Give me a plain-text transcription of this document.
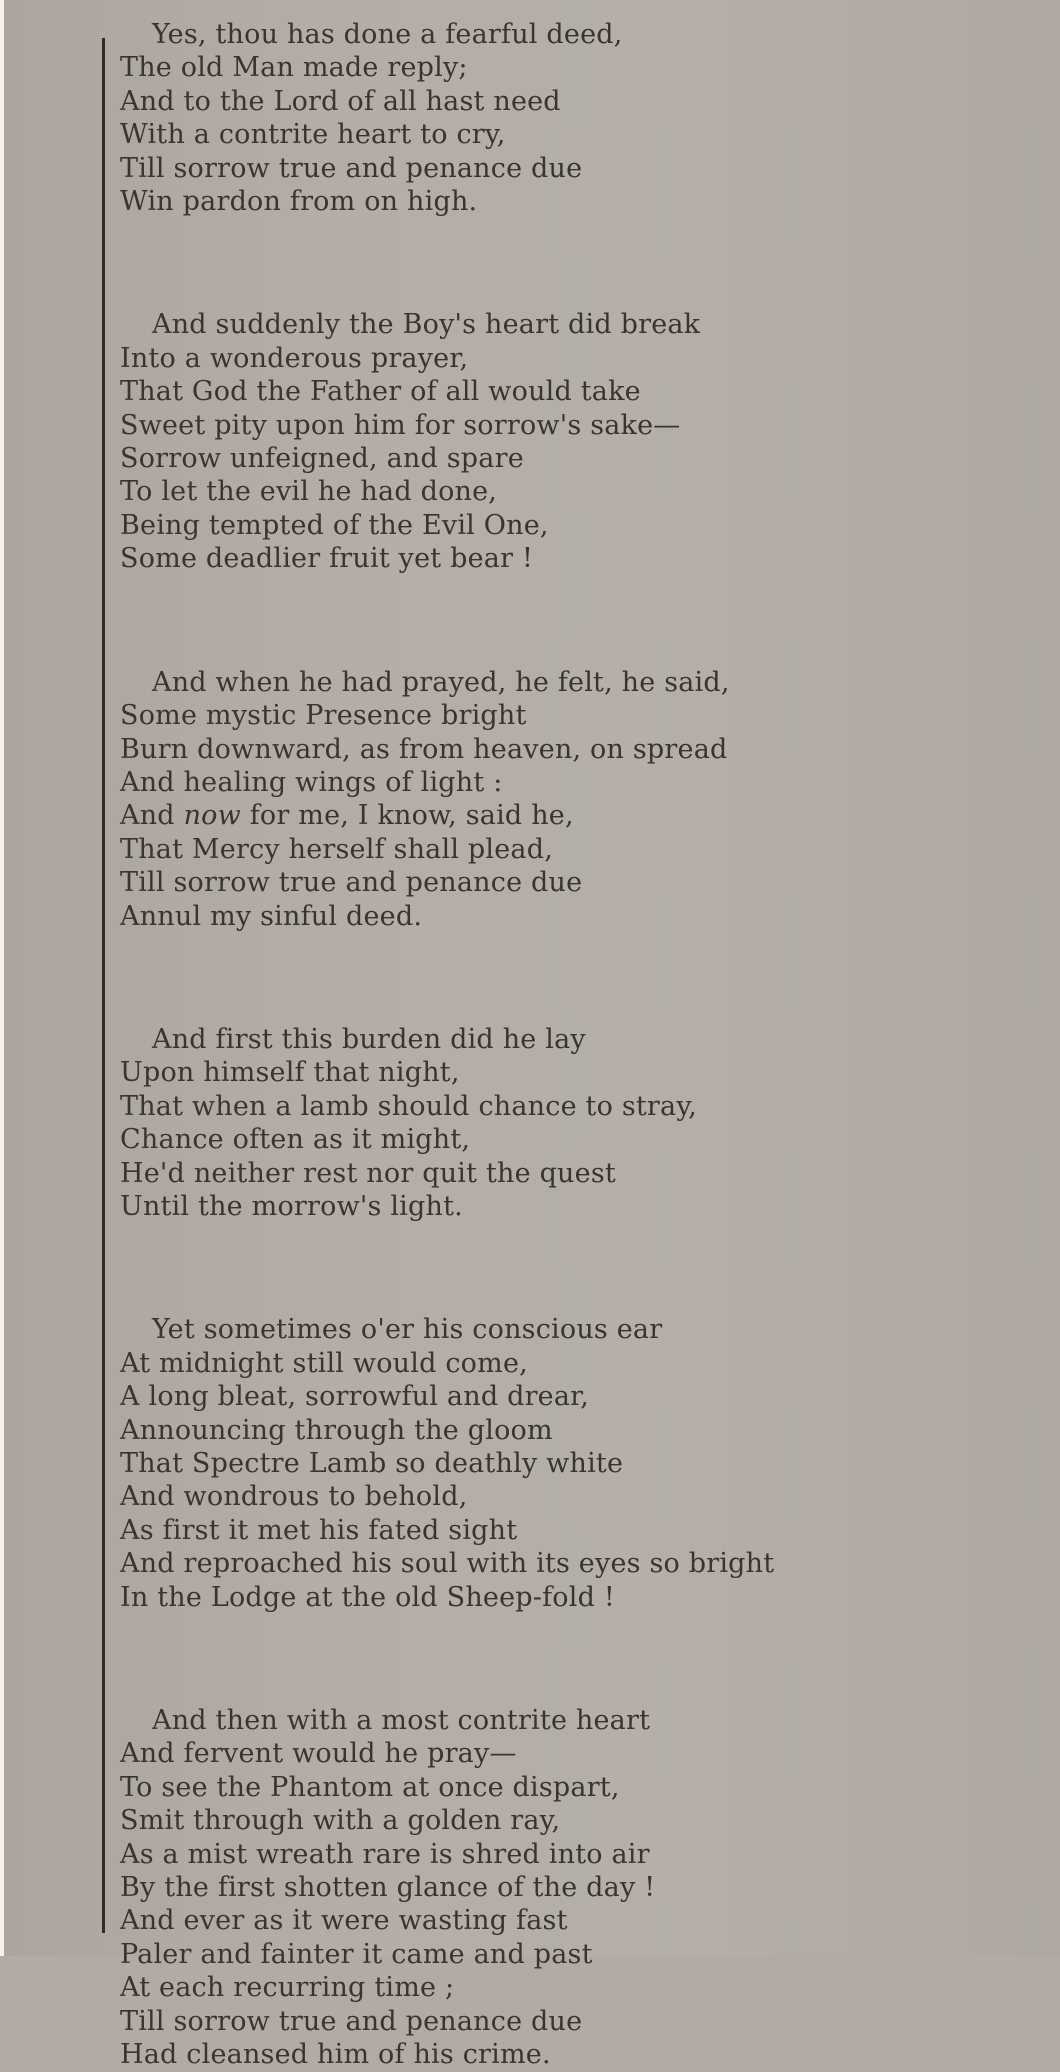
Yes, thou has done a fearful deed,
The old Man made reply;
And to the Lord of all hast need
With a contrite heart to cry,
Till sorrow true and penance due
Win pardon from on high.
And suddenly the Boy's heart did break
Into a wonderous prayer,
That God the Father of all would take
Sweet pity upon him for sorrow's sake—
Sorrow unfeigned, and spare
To let the evil he had done,
Being tempted of the Evil One,
Some deadlier fruit yet bear !
And when he had prayed, he felt, he said,
Some mystic Presence bright
Burn downward, as from heaven, on spread
And healing wings of light :
And now for me, I know, said he,
That Mercy herself shall plead,
Till sorrow true and penance due
Annul my sinful deed.
And first this burden did he lay
Upon himself that night,
That when a lamb should chance to stray,
Chance often as it might,
He'd neither rest nor quit the quest
Until the morrow's light.
Yet sometimes o'er his conscious ear
At midnight still would come,
A long bleat, sorrowful and drear,
Announcing through the gloom
That Spectre Lamb so deathly white
And wondrous to behold,
As first it met his fated sight
And reproached his soul with its eyes so bright
In the Lodge at the old Sheep-fold !
And then with a most contrite heart
And fervent would he pray—
To see the Phantom at once dispart,
Smit through with a golden ray,
As a mist wreath rare is shred into air
By the first shotten glance of the day !
And ever as it were wasting fast
Paler and fainter it came and past
At each recurring time ;
Till sorrow true and penance due
Had cleansed him of his crime.
